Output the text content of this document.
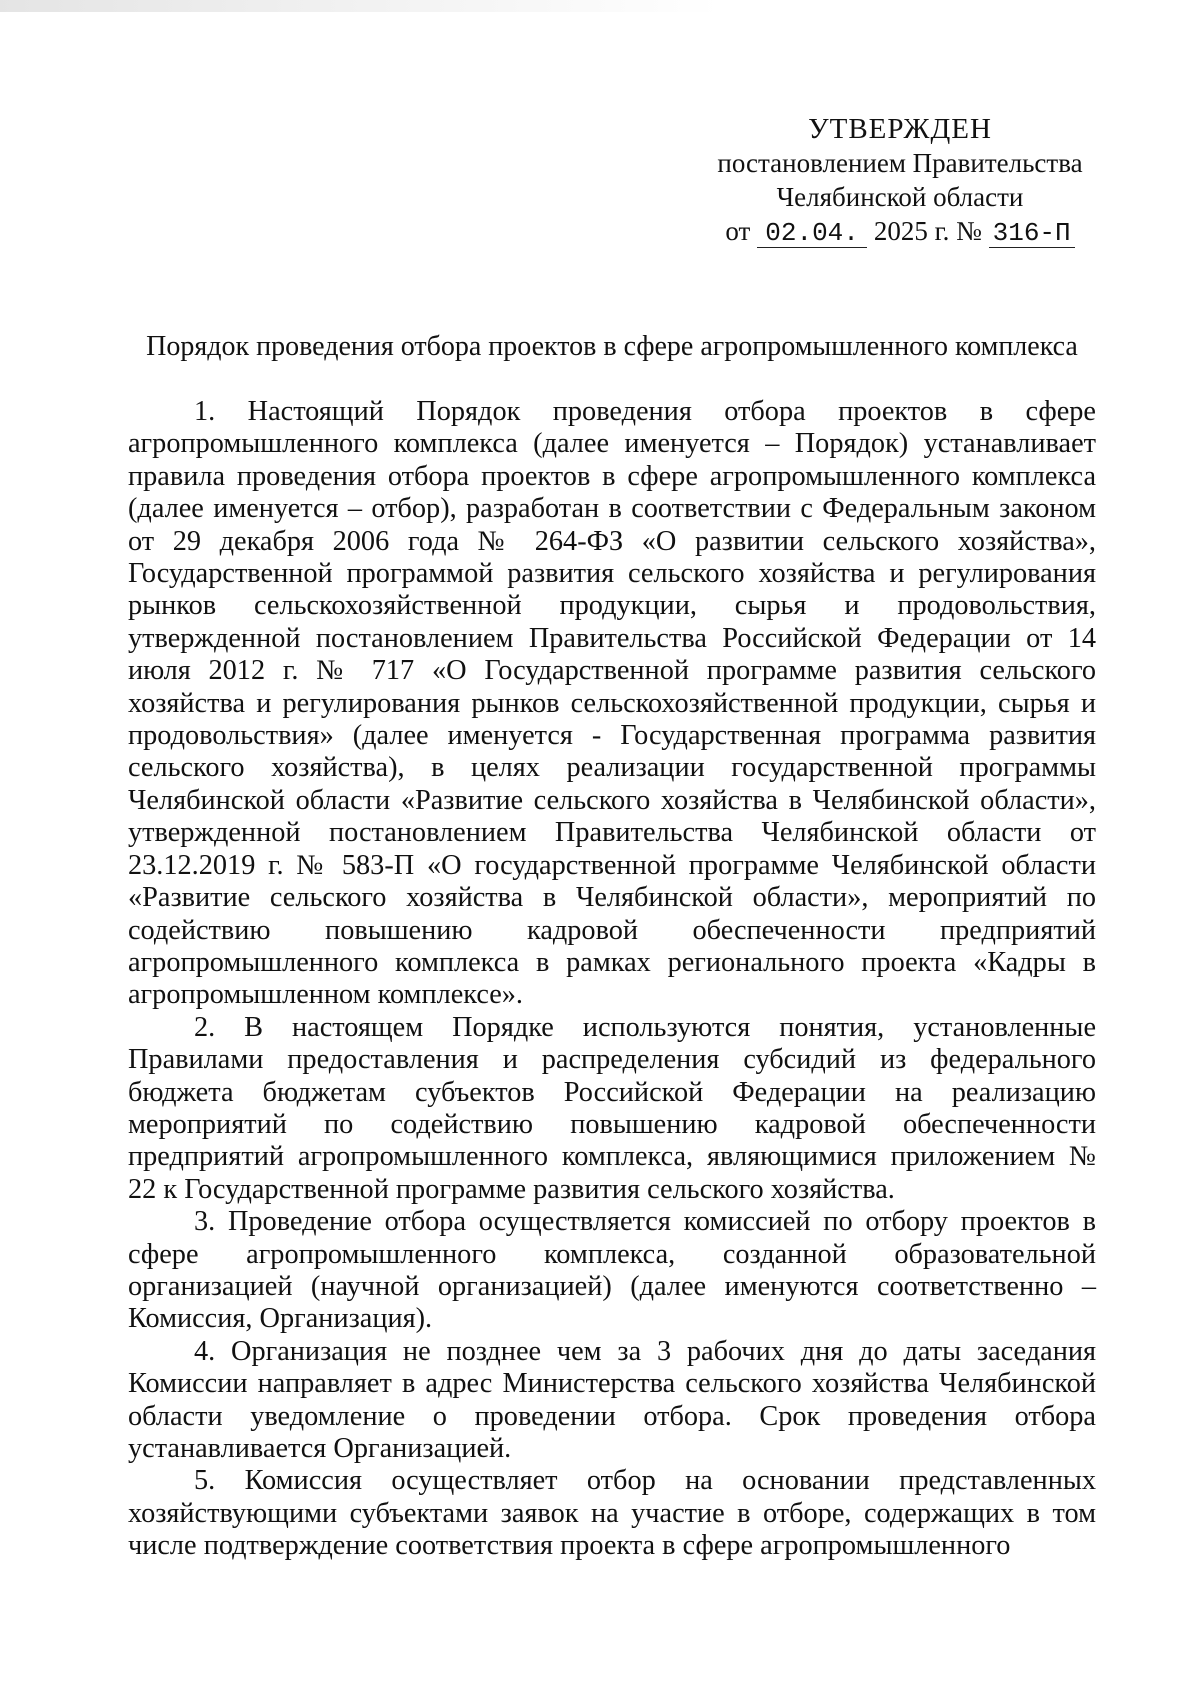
УТВЕРЖДЕН
постановлением Правительства
Челябинской области
от 02.04. 2025 г. № 316-П
Порядок проведения отбора проектов в сфере агропромышленного комплекса

1. Настоящий Порядок проведения отбора проектов в сфере агропромышленного комплекса (далее именуется – Порядок) устанавливает правила проведения отбора проектов в сфере агропромышленного комплекса (далее именуется – отбор), разработан в соответствии с Федеральным законом от 29 декабря 2006 года № 264-ФЗ «О развитии сельского хозяйства», Государственной программой развития сельского хозяйства и регулирования рынков сельскохозяйственной продукции, сырья и продовольствия, утвержденной постановлением Правительства Российской Федерации от 14 июля 2012 г. № 717 «О Государственной программе развития сельского хозяйства и регулирования рынков сельскохозяйственной продукции, сырья и продовольствия» (далее именуется - Государственная программа развития сельского хозяйства), в целях реализации государственной программы Челябинской области «Развитие сельского хозяйства в Челябинской области», утвержденной постановлением Правительства Челябинской области от 23.12.2019 г. № 583-П «О государственной программе Челябинской области «Развитие сельского хозяйства в Челябинской области», мероприятий по содействию повышению кадровой обеспеченности предприятий агропромышленного комплекса в рамках регионального проекта «Кадры в агропромышленном комплексе».

2. В настоящем Порядке используются понятия, установленные Правилами предоставления и распределения субсидий из федерального бюджета бюджетам субъектов Российской Федерации на реализацию мероприятий по содействию повышению кадровой обеспеченности предприятий агропромышленного комплекса, являющимися приложением № 22 к Государственной программе развития сельского хозяйства.

3. Проведение отбора осуществляется комиссией по отбору проектов в сфере агропромышленного комплекса, созданной образовательной организацией (научной организацией) (далее именуются соответственно – Комиссия, Организация).

4. Организация не позднее чем за 3 рабочих дня до даты заседания Комиссии направляет в адрес Министерства сельского хозяйства Челябинской области уведомление о проведении отбора. Срок проведения отбора устанавливается Организацией.

5. Комиссия осуществляет отбор на основании представленных хозяйствующими субъектами заявок на участие в отборе, содержащих в том числе подтверждение соответствия проекта в сфере агропромышленного
